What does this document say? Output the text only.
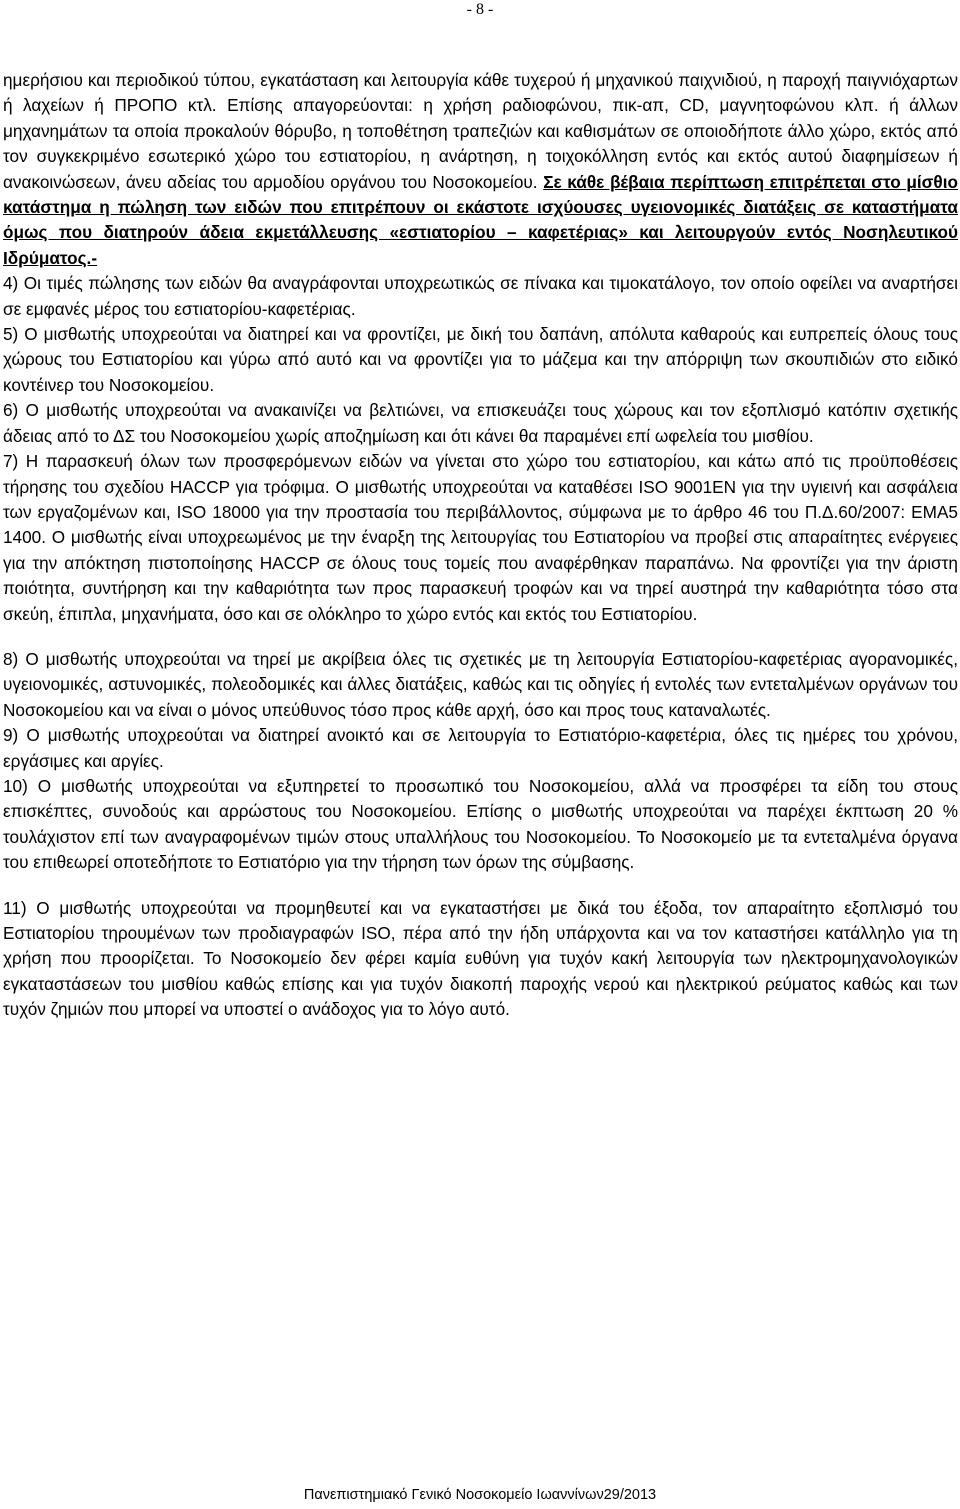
- 8 -

ημερήσιου και περιοδικού τύπου, εγκατάσταση και λειτουργία κάθε τυχερού ή μηχανικού παιχνιδιού, η παροχή παιγνιόχαρτων ή λαχείων ή ΠΡΟΠΟ κτλ. Επίσης απαγορεύονται: η χρήση ραδιοφώνου, πικ-απ, CD, μαγνητοφώνου κλπ. ή άλλων μηχανημάτων τα οποία προκαλούν θόρυβο, η τοποθέτηση τραπεζιών και καθισμάτων σε οποιοδήποτε άλλο χώρο, εκτός από τον συγκεκριμένο εσωτερικό χώρο του εστιατορίου, η ανάρτηση, η τοιχοκόλληση εντός και εκτός αυτού διαφημίσεων ή ανακοινώσεων, άνευ αδείας του αρμοδίου οργάνου του Νοσοκομείου. Σε κάθε βέβαια περίπτωση επιτρέπεται στο μίσθιο κατάστημα η πώληση των ειδών που επιτρέπουν οι εκάστοτε ισχύουσες υγειονομικές διατάξεις σε καταστήματα όμως που διατηρούν άδεια εκμετάλλευσης «εστιατορίου – καφετέριας» και λειτουργούν εντός Νοσηλευτικού Ιδρύματος.-

4) Οι τιμές πώλησης των ειδών θα αναγράφονται υποχρεωτικώς σε πίνακα και τιμοκατάλογο, τον οποίο οφείλει να αναρτήσει σε εμφανές μέρος του εστιατορίου-καφετέριας.

5) Ο μισθωτής υποχρεούται να διατηρεί και να φροντίζει, με δική του δαπάνη, απόλυτα καθαρούς και ευπρεπείς όλους τους χώρους του Εστιατορίου και γύρω από αυτό και να φροντίζει για το μάζεμα και την απόρριψη των σκουπιδιών στο ειδικό κοντέινερ του Νοσοκομείου.

6) Ο μισθωτής υποχρεούται να ανακαινίζει να βελτιώνει, να επισκευάζει τους χώρους και τον εξοπλισμό κατόπιν σχετικής άδειας από το ΔΣ του Νοσοκομείου χωρίς αποζημίωση και ότι κάνει θα παραμένει επί ωφελεία του μισθίου.

7) Η παρασκευή όλων των προσφερόμενων ειδών να γίνεται στο χώρο του εστιατορίου, και κάτω από τις προϋποθέσεις τήρησης του σχεδίου HACCP για τρόφιμα. Ο μισθωτής υποχρεούται να καταθέσει ISO 9001EN για την υγιεινή και ασφάλεια των εργαζομένων και, ISO 18000 για την προστασία του περιβάλλοντος, σύμφωνα με το άρθρο 46 του Π.Δ.60/2007: ΕΜΑ5 1400. Ο μισθωτής είναι υποχρεωμένος με την έναρξη της λειτουργίας του Εστιατορίου να προβεί στις απαραίτητες ενέργειες για την απόκτηση πιστοποίησης HACCP σε όλους τους τομείς που αναφέρθηκαν παραπάνω. Να φροντίζει για την άριστη ποιότητα, συντήρηση και την καθαριότητα των προς παρασκευή τροφών και να τηρεί αυστηρά την καθαριότητα τόσο στα σκεύη, έπιπλα, μηχανήματα, όσο και σε ολόκληρο το χώρο εντός και εκτός του Εστιατορίου.

8) Ο μισθωτής υποχρεούται να τηρεί με ακρίβεια όλες τις σχετικές με τη λειτουργία Εστιατορίου-καφετέριας αγορανομικές, υγειονομικές, αστυνομικές, πολεοδομικές και άλλες διατάξεις, καθώς και τις οδηγίες ή εντολές των εντεταλμένων οργάνων του Νοσοκομείου και να είναι ο μόνος υπεύθυνος τόσο προς κάθε αρχή, όσο και προς τους καταναλωτές.

9) Ο μισθωτής υποχρεούται να διατηρεί ανοικτό και σε λειτουργία το Εστιατόριο-καφετέρια, όλες τις ημέρες του χρόνου, εργάσιμες και αργίες.

10) Ο μισθωτής υποχρεούται να εξυπηρετεί το προσωπικό του Νοσοκομείου, αλλά να προσφέρει τα είδη του στους επισκέπτες, συνοδούς και αρρώστους του Νοσοκομείου. Επίσης ο μισθωτής υποχρεούται να παρέχει έκπτωση 20 % τουλάχιστον επί των αναγραφομένων τιμών στους υπαλλήλους του Νοσοκομείου. Το Νοσοκομείο με τα εντεταλμένα όργανα του επιθεωρεί οποτεδήποτε το Εστιατόριο για την τήρηση των όρων της σύμβασης.

11) Ο μισθωτής υποχρεούται να προμηθευτεί και να εγκαταστήσει με δικά του έξοδα, τον απαραίτητο εξοπλισμό του Εστιατορίου τηρουμένων των προδιαγραφών ISO, πέρα από την ήδη υπάρχοντα και να τον καταστήσει κατάλληλο για τη χρήση που προορίζεται. Το Νοσοκομείο δεν φέρει καμία ευθύνη για τυχόν κακή λειτουργία των ηλεκτρομηχανολογικών εγκαταστάσεων του μισθίου καθώς επίσης και για τυχόν διακοπή παροχής νερού και ηλεκτρικού ρεύματος καθώς και των τυχόν ζημιών που μπορεί να υποστεί ο ανάδοχος για το λόγο αυτό.

Πανεπιστημιακό Γενικό Νοσοκομείο Ιωαννίνων29/2013
